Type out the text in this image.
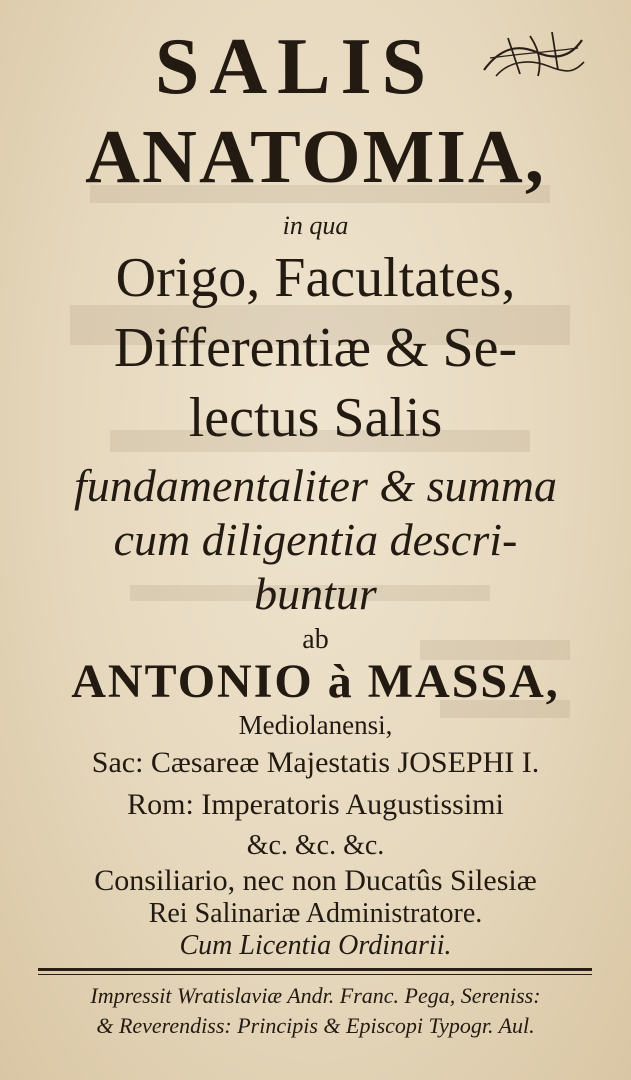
SALIS
ANATOMIA,
in qua
Origo, Facultates,
Differentiæ & Se-
lectus Salis
fundamentaliter & summa
cum diligentia descri-
buntur
ab
ANTONIO à MASSA,
Mediolanensi,
Sac: Cæsareæ Majestatis JOSEPHI I.
Rom: Imperatoris Augustissimi
&c. &c. &c.
Consiliario, nec non Ducatûs Silesiæ
Rei Salinariæ Administratore.
Cum Licentia Ordinarii.
Impressit Wratislaviæ Andr. Franc. Pega, Sereniss:
& Reverendiss: Principis & Episcopi Typogr. Aul.
